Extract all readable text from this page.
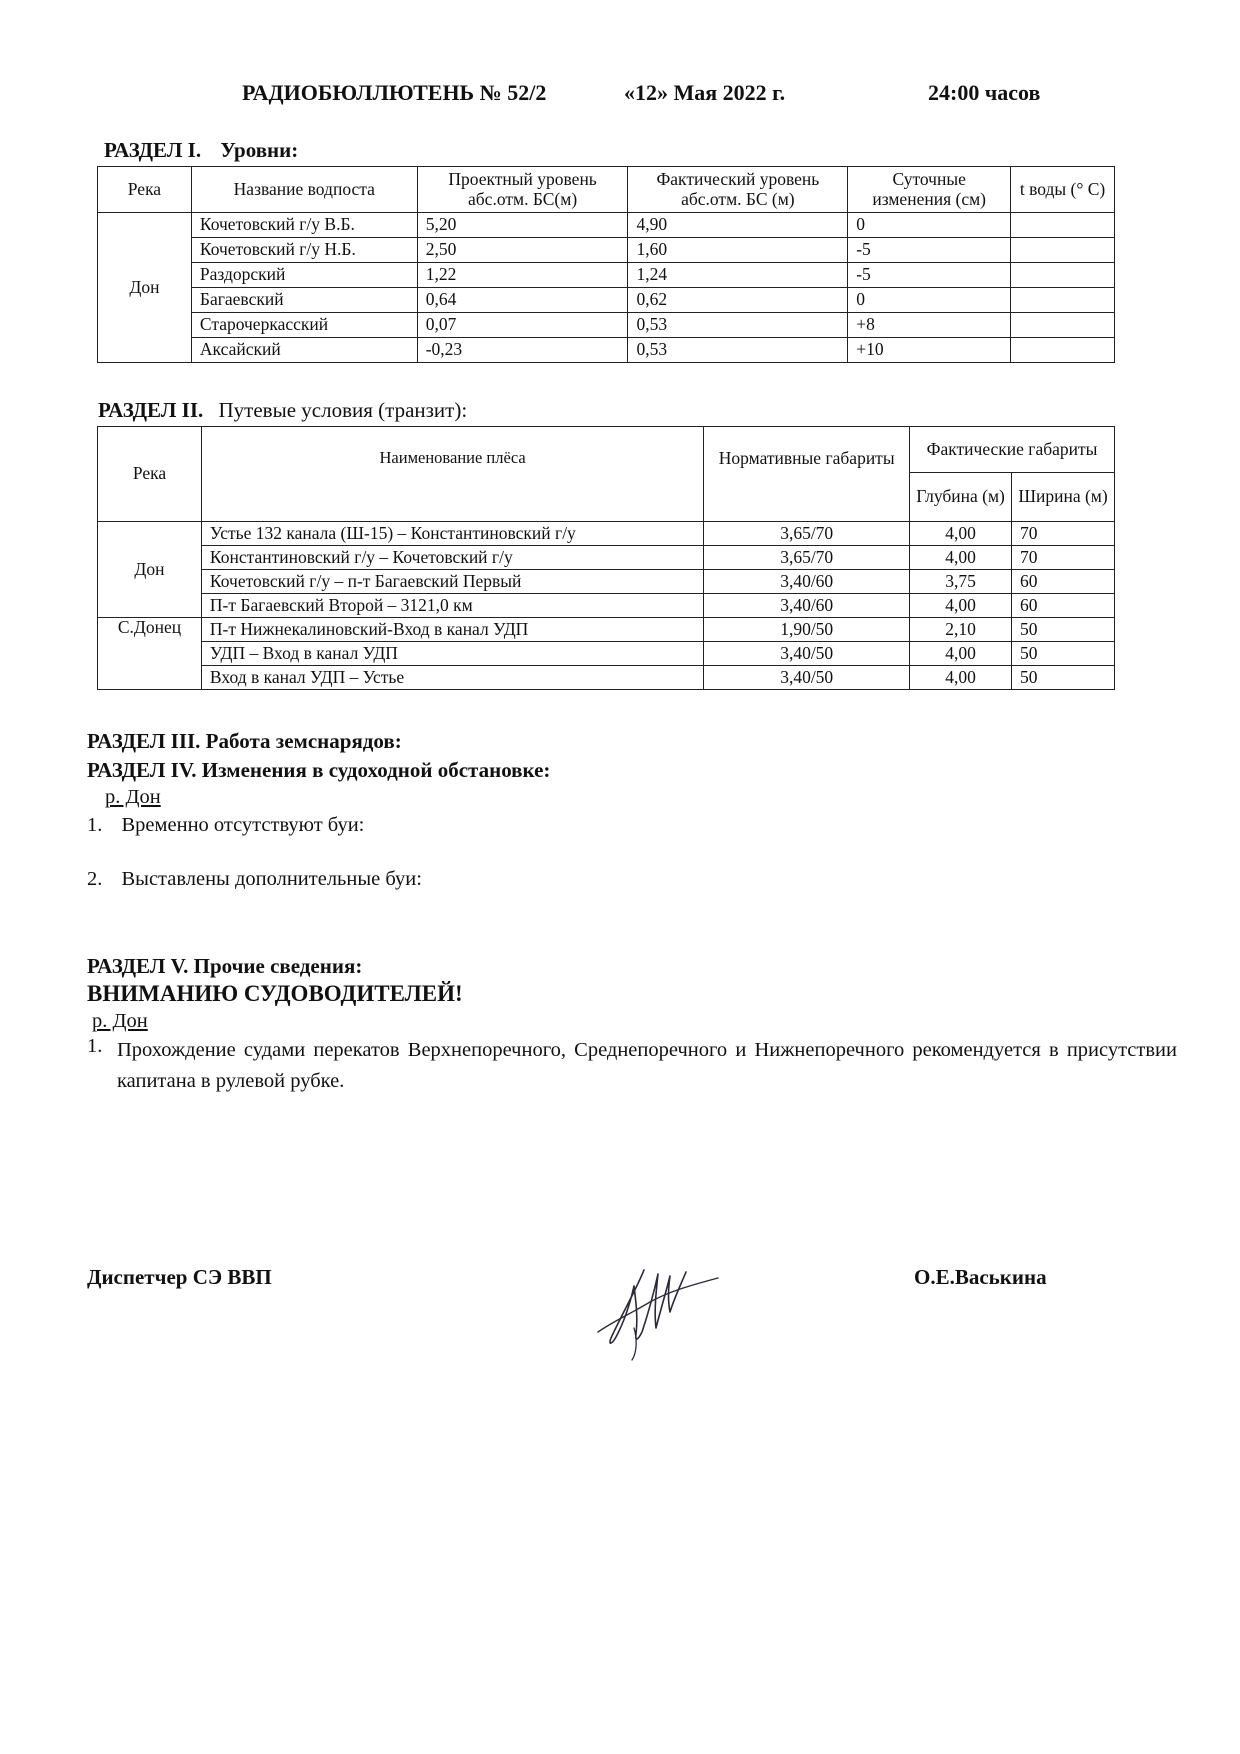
РАДИОБЮЛЛЮТЕНЬ № 52/2	«12» Мая 2022 г.	24:00 часов
РАЗДЕЛ I. Уровни:
Река	Название водпоста	Проектный уровень абс.отм. БС(м)	Фактический уровень абс.отм. БС (м)	Суточные изменения (см)	t воды (° С)
Дон	Кочетовский г/у В.Б.	5,20	4,90	0	
	Кочетовский г/у Н.Б.	2,50	1,60	-5	
	Раздорский	1,22	1,24	-5	
	Багаевский	0,64	0,62	0	
	Старочеркасский	0,07	0,53	+8	
	Аксайский	-0,23	0,53	+10	
РАЗДЕЛ II. Путевые условия (транзит):
Река	Наименование плёса	Нормативные габариты	Фактические габариты	
			Глубина (м)	Ширина (м)
Дон	Устье 132 канала (Ш-15) – Константиновский г/у	3,65/70	4,00	70
	Константиновский г/у – Кочетовский г/у	3,65/70	4,00	70
	Кочетовский г/у – п-т Багаевский Первый	3,40/60	3,75	60
	П-т Багаевский Второй – 3121,0 км	3,40/60	4,00	60
С.Донец	П-т Нижнекалиновский-Вход в канал УДП	1,90/50	2,10	50
	УДП – Вход в канал УДП	3,40/50	4,00	50
	Вход в канал УДП – Устье	3,40/50	4,00	50
РАЗДЕЛ III. Работа земснарядов:
РАЗДЕЛ IV. Изменения в судоходной обстановке:
р. Дон
1. Временно отсутствуют буи:
2. Выставлены дополнительные буи:
РАЗДЕЛ V. Прочие сведения:
ВНИМАНИЮ СУДОВОДИТЕЛЕЙ!
р. Дон
1. Прохождение судами перекатов Верхнепоречного, Среднепоречного и Нижнепоречного рекомендуется в присутствии капитана в рулевой рубке.
Диспетчер СЭ ВВП	О.Е.Васькина
